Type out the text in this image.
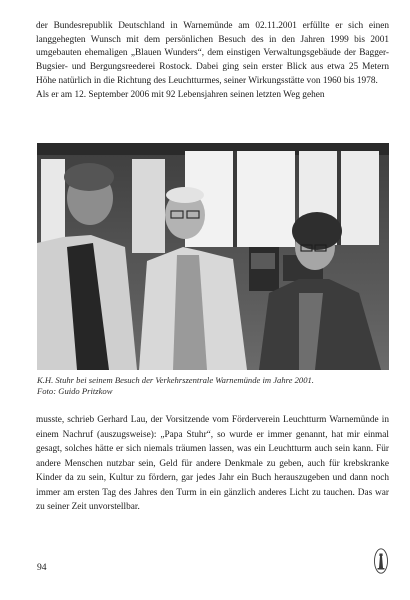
der Bundesrepublik Deutschland in Warnemünde am 02.11.2001 erfüllte er sich einen langgehegten Wunsch mit dem persönlichen Besuch des in den Jahren 1999 bis 2001 umgebauten ehemaligen „Blauen Wunders“, dem einstigen Verwaltungsgebäude der Bagger- Bugsier- und Bergungsreederei Rostock. Dabei ging sein erster Blick aus etwa 25 Metern Höhe natürlich in die Richtung des Leuchtturmes, seiner Wirkungsstätte von 1960 bis 1978.

Als er am 12. September 2006 mit 92 Lebensjahren seinen letzten Weg gehen

K.H. Stuhr bei seinem Besuch der Verkehrszentrale Warnemünde im Jahre 2001.
Foto: Guido Pritzkow

musste, schrieb Gerhard Lau, der Vorsitzende vom Förderverein Leuchtturm Warnemünde in einem Nachruf (auszugsweise): „Papa Stuhr“, so wurde er immer genannt, hat mir einmal gesagt, solches hätte er sich niemals träumen lassen, was ein Leuchtturm auch sein kann. Für andere Menschen nutzbar sein, Geld für andere Denkmale zu geben, auch für krebskranke Kinder da zu sein, Kultur zu fördern, gar jedes Jahr ein Buch herauszugeben und dann noch immer am ersten Tag des Jahres den Turm in ein gänzlich anderes Licht zu tauchen. Das war zu seiner Zeit unvorstellbar.

94
